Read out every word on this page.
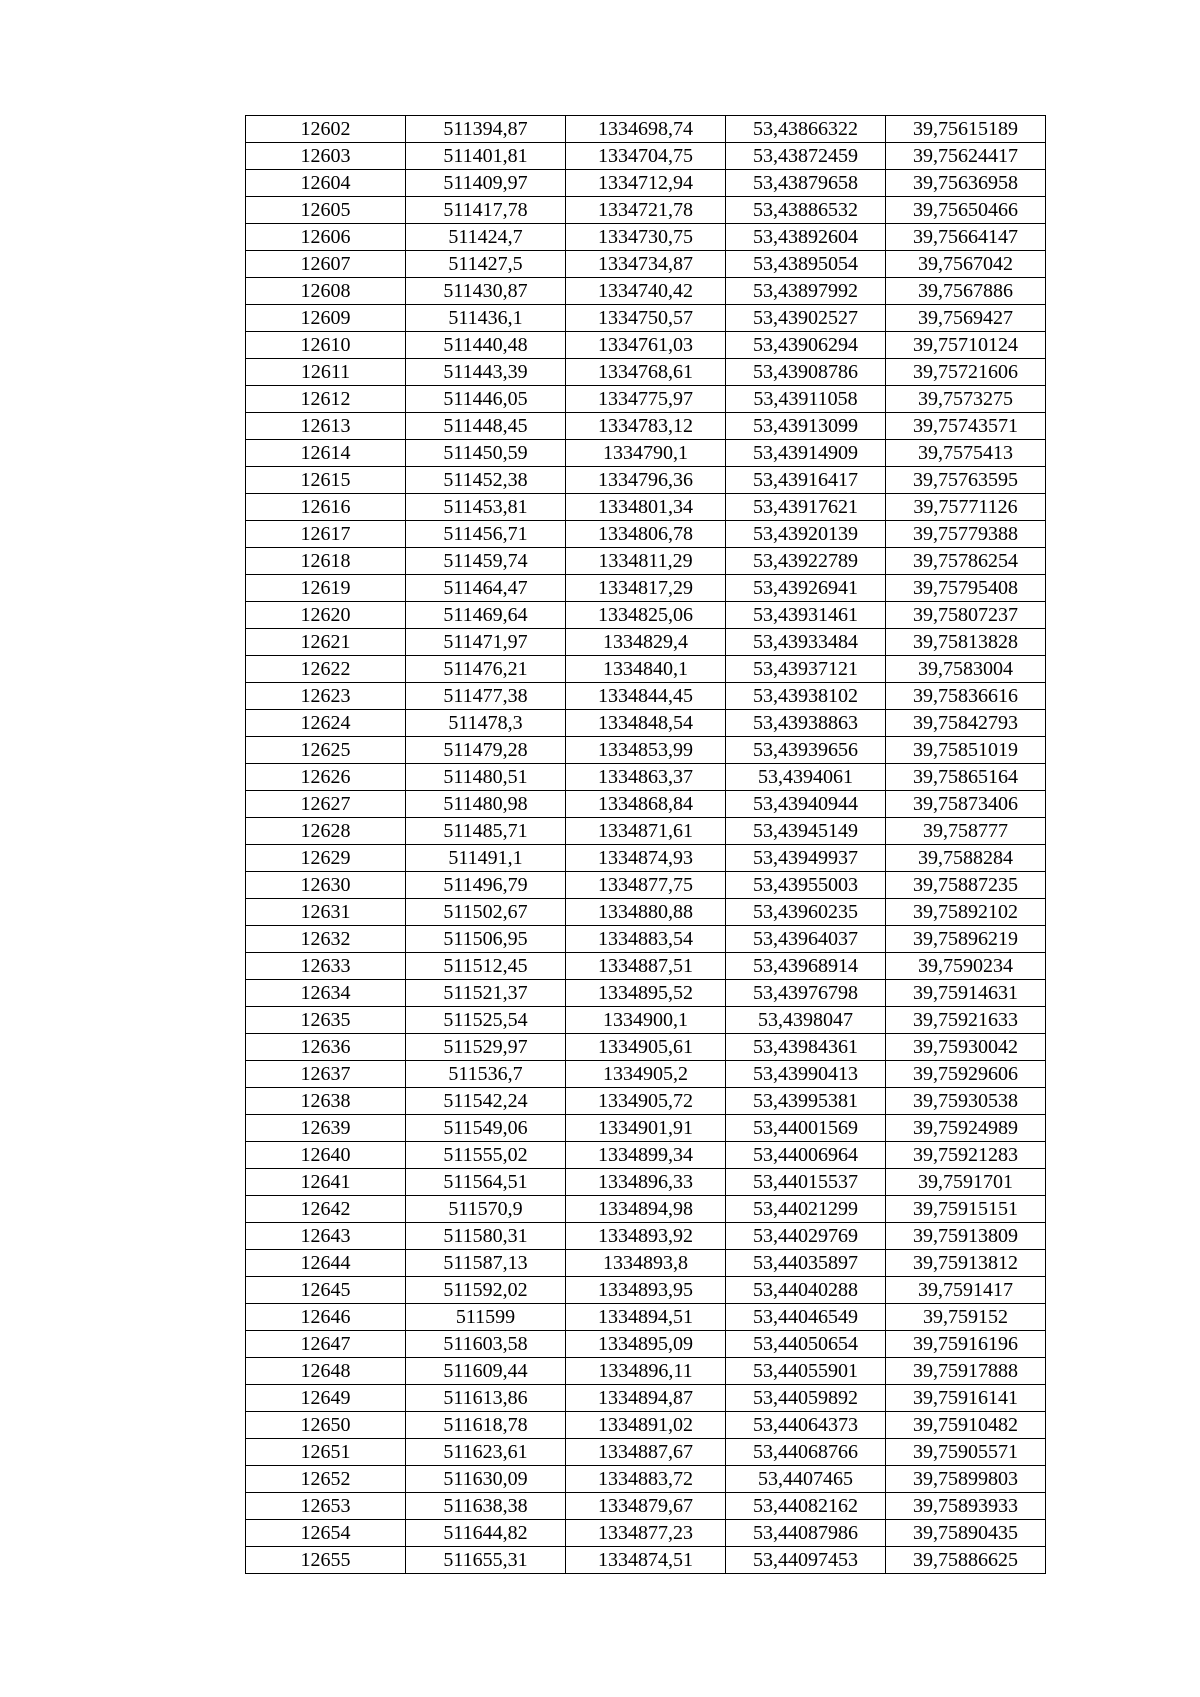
12602	511394,87	1334698,74	53,43866322	39,75615189
12603	511401,81	1334704,75	53,43872459	39,75624417
12604	511409,97	1334712,94	53,43879658	39,75636958
12605	511417,78	1334721,78	53,43886532	39,75650466
12606	511424,7	1334730,75	53,43892604	39,75664147
12607	511427,5	1334734,87	53,43895054	39,7567042
12608	511430,87	1334740,42	53,43897992	39,7567886
12609	511436,1	1334750,57	53,43902527	39,7569427
12610	511440,48	1334761,03	53,43906294	39,75710124
12611	511443,39	1334768,61	53,43908786	39,75721606
12612	511446,05	1334775,97	53,43911058	39,7573275
12613	511448,45	1334783,12	53,43913099	39,75743571
12614	511450,59	1334790,1	53,43914909	39,7575413
12615	511452,38	1334796,36	53,43916417	39,75763595
12616	511453,81	1334801,34	53,43917621	39,75771126
12617	511456,71	1334806,78	53,43920139	39,75779388
12618	511459,74	1334811,29	53,43922789	39,75786254
12619	511464,47	1334817,29	53,43926941	39,75795408
12620	511469,64	1334825,06	53,43931461	39,75807237
12621	511471,97	1334829,4	53,43933484	39,75813828
12622	511476,21	1334840,1	53,43937121	39,7583004
12623	511477,38	1334844,45	53,43938102	39,75836616
12624	511478,3	1334848,54	53,43938863	39,75842793
12625	511479,28	1334853,99	53,43939656	39,75851019
12626	511480,51	1334863,37	53,4394061	39,75865164
12627	511480,98	1334868,84	53,43940944	39,75873406
12628	511485,71	1334871,61	53,43945149	39,758777
12629	511491,1	1334874,93	53,43949937	39,7588284
12630	511496,79	1334877,75	53,43955003	39,75887235
12631	511502,67	1334880,88	53,43960235	39,75892102
12632	511506,95	1334883,54	53,43964037	39,75896219
12633	511512,45	1334887,51	53,43968914	39,7590234
12634	511521,37	1334895,52	53,43976798	39,75914631
12635	511525,54	1334900,1	53,4398047	39,75921633
12636	511529,97	1334905,61	53,43984361	39,75930042
12637	511536,7	1334905,2	53,43990413	39,75929606
12638	511542,24	1334905,72	53,43995381	39,75930538
12639	511549,06	1334901,91	53,44001569	39,75924989
12640	511555,02	1334899,34	53,44006964	39,75921283
12641	511564,51	1334896,33	53,44015537	39,7591701
12642	511570,9	1334894,98	53,44021299	39,75915151
12643	511580,31	1334893,92	53,44029769	39,75913809
12644	511587,13	1334893,8	53,44035897	39,75913812
12645	511592,02	1334893,95	53,44040288	39,7591417
12646	511599	1334894,51	53,44046549	39,759152
12647	511603,58	1334895,09	53,44050654	39,75916196
12648	511609,44	1334896,11	53,44055901	39,75917888
12649	511613,86	1334894,87	53,44059892	39,75916141
12650	511618,78	1334891,02	53,44064373	39,75910482
12651	511623,61	1334887,67	53,44068766	39,75905571
12652	511630,09	1334883,72	53,4407465	39,75899803
12653	511638,38	1334879,67	53,44082162	39,75893933
12654	511644,82	1334877,23	53,44087986	39,75890435
12655	511655,31	1334874,51	53,44097453	39,75886625
